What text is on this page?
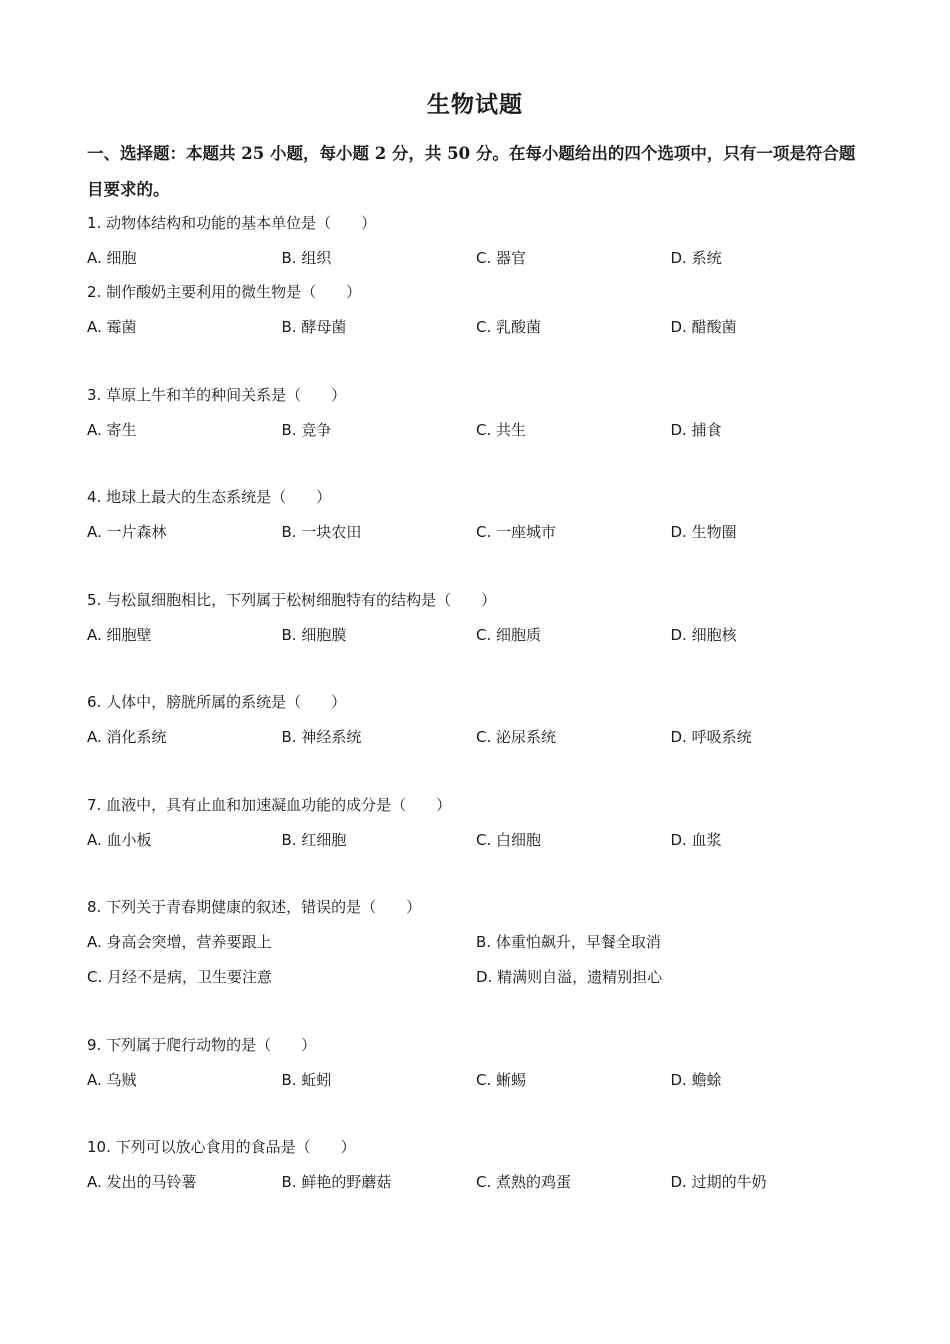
生物试题
一、选择题：本题共 25 小题，每小题 2 分，共 50 分。在每小题给出的四个选项中，只有一项是符合题目要求的。
1. 动物体结构和功能的基本单位是（　　）
A. 细胞	B. 组织	C. 器官	D. 系统
2. 制作酸奶主要利用的微生物是（　　）
A. 霉菌	B. 酵母菌	C. 乳酸菌	D. 醋酸菌
3. 草原上牛和羊的种间关系是（　　）
A. 寄生	B. 竞争	C. 共生	D. 捕食
4. 地球上最大的生态系统是（　　）
A. 一片森林	B. 一块农田	C. 一座城市	D. 生物圈
5. 与松鼠细胞相比，下列属于松树细胞特有的结构是（　　）
A. 细胞壁	B. 细胞膜	C. 细胞质	D. 细胞核
6. 人体中，膀胱所属的系统是（　　）
A. 消化系统	B. 神经系统	C. 泌尿系统	D. 呼吸系统
7. 血液中，具有止血和加速凝血功能的成分是（　　）
A. 血小板	B. 红细胞	C. 白细胞	D. 血浆
8. 下列关于青春期健康的叙述，错误的是（　　）
A. 身高会突增，营养要跟上	B. 体重怕飙升，早餐全取消
C. 月经不是病，卫生要注意	D. 精满则自溢，遗精别担心
9. 下列属于爬行动物的是（　　）
A. 乌贼	B. 蚯蚓	C. 蜥蜴	D. 蟾蜍
10. 下列可以放心食用的食品是（　　）
A. 发出的马铃薯	B. 鲜艳的野蘑菇	C. 煮熟的鸡蛋	D. 过期的牛奶
